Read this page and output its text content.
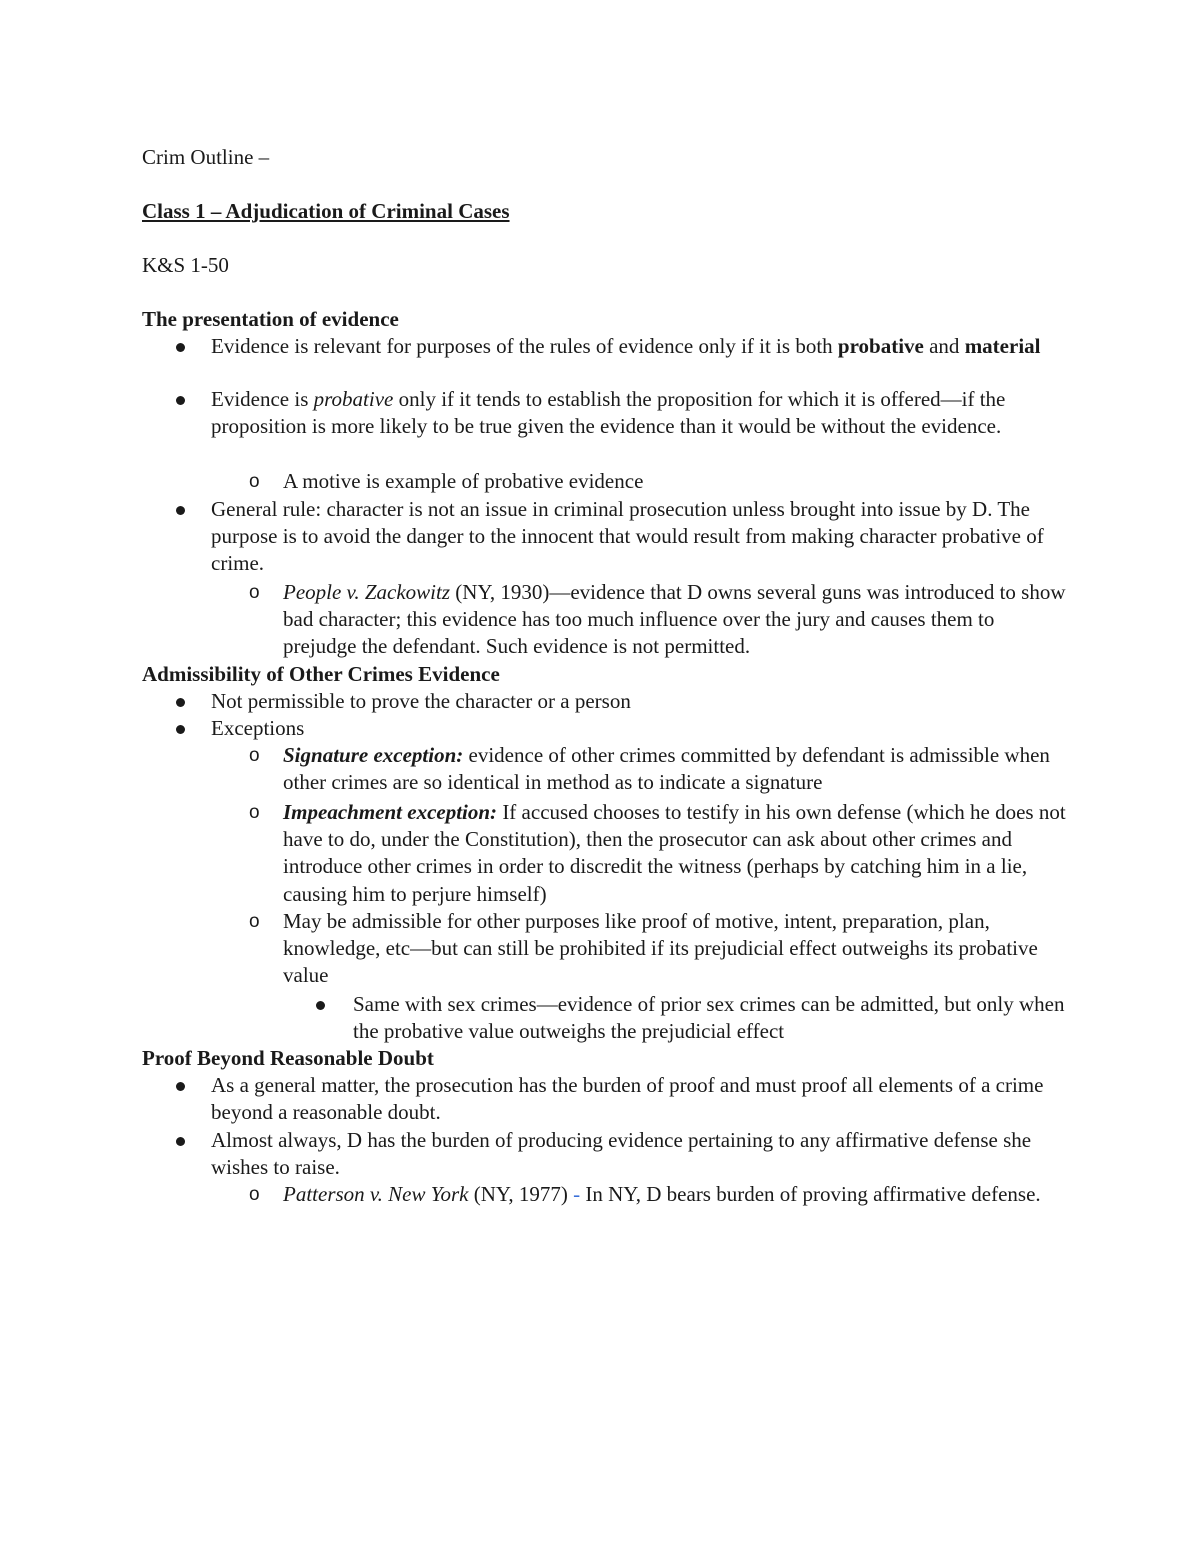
Crim Outline –

Class 1 – Adjudication of Criminal Cases

K&S 1-50

The presentation of evidence

Evidence is relevant for purposes of the rules of evidence only if it is both probative and material

Evidence is probative only if it tends to establish the proposition for which it is offered—if the proposition is more likely to be true given the evidence than it would be without the evidence.

o A motive is example of probative evidence

General rule: character is not an issue in criminal prosecution unless brought into issue by D. The purpose is to avoid the danger to the innocent that would result from making character probative of crime.

o People v. Zackowitz (NY, 1930)—evidence that D owns several guns was introduced to show bad character; this evidence has too much influence over the jury and causes them to prejudge the defendant. Such evidence is not permitted.

Admissibility of Other Crimes Evidence

Not permissible to prove the character or a person

Exceptions

o Signature exception: evidence of other crimes committed by defendant is admissible when other crimes are so identical in method as to indicate a signature

o Impeachment exception: If accused chooses to testify in his own defense (which he does not have to do, under the Constitution), then the prosecutor can ask about other crimes and introduce other crimes in order to discredit the witness (perhaps by catching him in a lie, causing him to perjure himself)

o May be admissible for other purposes like proof of motive, intent, preparation, plan, knowledge, etc—but can still be prohibited if its prejudicial effect outweighs its probative value

Same with sex crimes—evidence of prior sex crimes can be admitted, but only when the probative value outweighs the prejudicial effect

Proof Beyond Reasonable Doubt

As a general matter, the prosecution has the burden of proof and must proof all elements of a crime beyond a reasonable doubt.

Almost always, D has the burden of producing evidence pertaining to any affirmative defense she wishes to raise.

o Patterson v. New York (NY, 1977) - In NY, D bears burden of proving affirmative defense.
